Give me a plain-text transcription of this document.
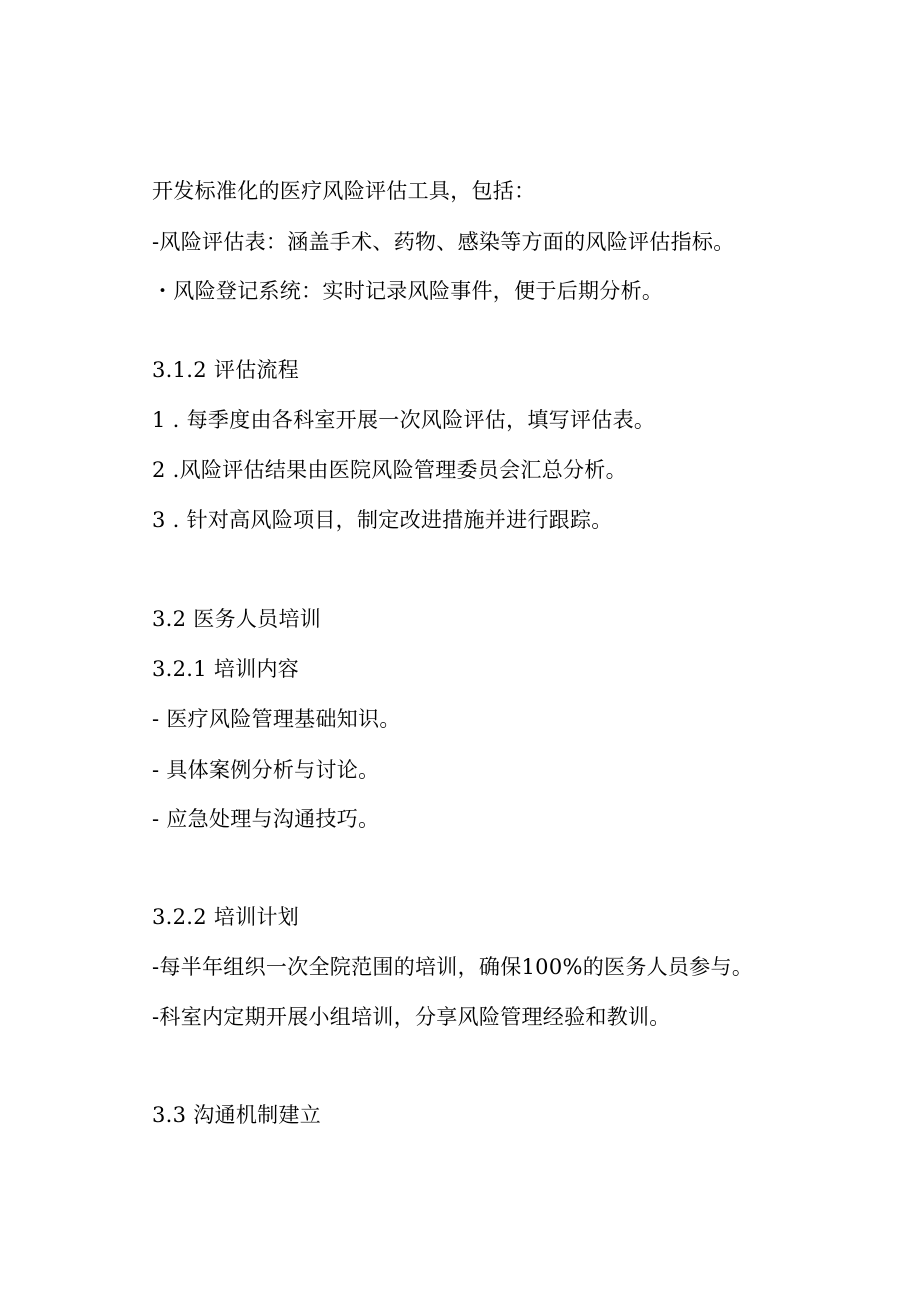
开发标准化的医疗风险评估工具，包括：
-风险评估表：涵盖手术、药物、感染等方面的风险评估指标。
・风险登记系统：实时记录风险事件，便于后期分析。
3.1.2 评估流程
1 . 每季度由各科室开展一次风险评估，填写评估表。
2 .风险评估结果由医院风险管理委员会汇总分析。
3 . 针对高风险项目，制定改进措施并进行跟踪。
3.2 医务人员培训
3.2.1 培训内容
- 医疗风险管理基础知识。
- 具体案例分析与讨论。
- 应急处理与沟通技巧。
3.2.2 培训计划
-每半年组织一次全院范围的培训，确保100%的医务人员参与。
-科室内定期开展小组培训，分享风险管理经验和教训。
3.3 沟通机制建立
